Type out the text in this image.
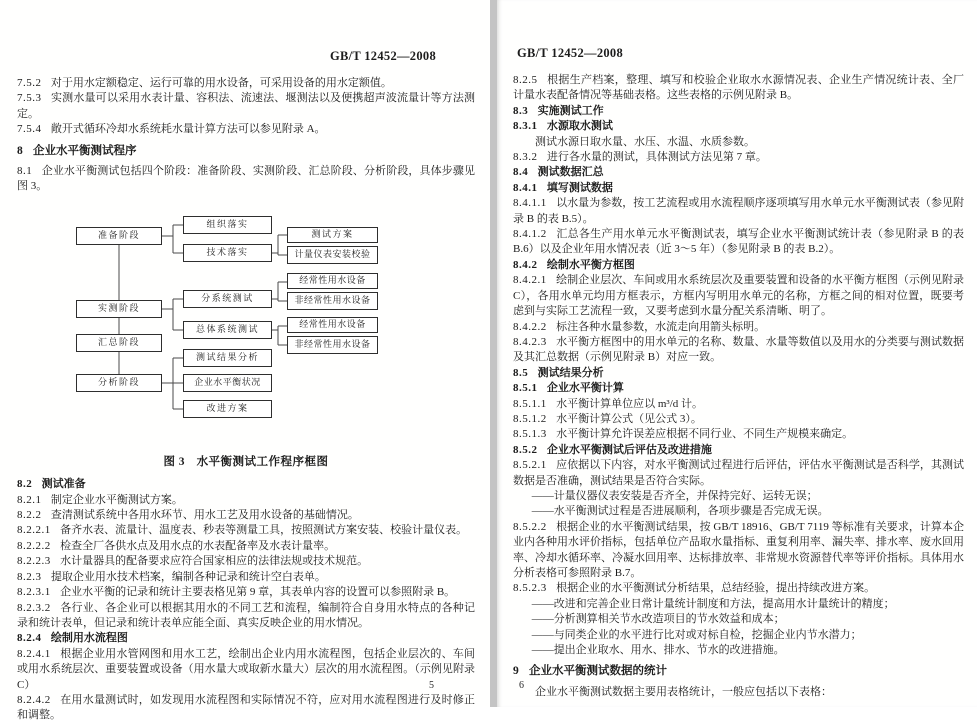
GB/T 12452—2008
7.5.2 对于用水定额稳定、运行可靠的用水设备，可采用设备的用水定额值。
7.5.3 实测水量可以采用水表计量、容积法、流速法、堰测法以及便携超声波流量计等方法测定。
7.5.4 敞开式循环冷却水系统耗水量计算方法可以参见附录 A。
8 企业水平衡测试程序
8.1 企业水平衡测试包括四个阶段：准备阶段、实测阶段、汇总阶段、分析阶段，具体步骤见图 3。
准备阶段
实测阶段
汇总阶段
分析阶段
组织落实
技术落实
分系统测试
总体系统测试
测试结果分析
企业水平衡状况
改进方案
测试方案
计量仪表安装校验
经常性用水设备
非经常性用水设备
经常性用水设备
非经常性用水设备
图 3 水平衡测试工作程序框图
8.2 测试准备
8.2.1 制定企业水平衡测试方案。
8.2.2 查清测试系统中各用水环节、用水工艺及用水设备的基础情况。
8.2.2.1 备齐水表、流量计、温度表、秒表等测量工具，按照测试方案安装、校验计量仪表。
8.2.2.2 检查全厂各供水点及用水点的水表配备率及水表计量率。
8.2.2.3 水计量器具的配备要求应符合国家相应的法律法规或技术规范。
8.2.3 提取企业用水技术档案，编制各种记录和统计空白表单。
8.2.3.1 企业水平衡的记录和统计主要表格见第 9 章，其表单内容的设置可以参照附录 B。
8.2.3.2 各行业、各企业可以根据其用水的不同工艺和流程，编制符合自身用水特点的各种记录和统计表单，但记录和统计表单应能全面、真实反映企业的用水情况。
8.2.4 绘制用水流程图
8.2.4.1 根据企业用水管网图和用水工艺，绘制出企业内用水流程图，包括企业层次的、车间或用水系统层次、重要装置或设备（用水量大或取新水量大）层次的用水流程图。（示例见附录 C）
8.2.4.2 在用水量测试时，如发现用水流程图和实际情况不符，应对用水流程图进行及时修正和调整。
5
GB/T 12452—2008
8.2.5 根据生产档案，整理、填写和校验企业取水水源情况表、企业生产情况统计表、全厂计量水表配备情况等基础表格。这些表格的示例见附录 B。
8.3 实施测试工作
8.3.1 水源取水测试
测试水源日取水量、水压、水温、水质参数。
8.3.2 进行各水量的测试，具体测试方法见第 7 章。
8.4 测试数据汇总
8.4.1 填写测试数据
8.4.1.1 以水量为参数，按工艺流程或用水流程顺序逐项填写用水单元水平衡测试表（参见附录 B 的表 B.5）。
8.4.1.2 汇总各生产用水单元水平衡测试表，填写企业水平衡测试统计表（参见附录 B 的表 B.6）以及企业年用水情况表（近 3～5 年）（参见附录 B 的表 B.2）。
8.4.2 绘制水平衡方框图
8.4.2.1 绘制企业层次、车间或用水系统层次及重要装置和设备的水平衡方框图（示例见附录 C），各用水单元均用方框表示，方框内写明用水单元的名称，方框之间的相对位置，既要考虑到与实际工艺流程一致，又要考虑到水量分配关系清晰、明了。
8.4.2.2 标注各种水量参数，水流走向用箭头标明。
8.4.2.3 水平衡方框图中的用水单元的名称、数量、水量等数值以及用水的分类要与测试数据及其汇总数据（示例见附录 B）对应一致。
8.5 测试结果分析
8.5.1 企业水平衡计算
8.5.1.1 水平衡计算单位应以 m³/d 计。
8.5.1.2 水平衡计算公式（见公式 3）。
8.5.1.3 水平衡计算允许误差应根据不同行业、不同生产规模来确定。
8.5.2 企业水平衡测试后评估及改进措施
8.5.2.1 应依据以下内容，对水平衡测试过程进行后评估，评估水平衡测试是否科学，其测试数据是否准确，测试结果是否符合实际。
——计量仪器仪表安装是否齐全，并保持完好、运转无误；
——水平衡测试过程是否进展顺利，各项步骤是否完成无误。
8.5.2.2 根据企业的水平衡测试结果，按 GB/T 18916、GB/T 7119 等标准有关要求，计算本企业内各种用水评价指标，包括单位产品取水量指标、重复利用率、漏失率、排水率、废水回用率、冷却水循环率、冷凝水回用率、达标排放率、非常规水资源替代率等评价指标。具体用水分析表格可参照附录 B.7。
8.5.2.3 根据企业的水平衡测试分析结果，总结经验，提出持续改进方案。
——改进和完善企业日常计量统计制度和方法，提高用水计量统计的精度；
——分析测算相关节水改造项目的节水效益和成本；
——与同类企业的水平进行比对或对标自检，挖掘企业内节水潜力；
——提出企业取水、用水、排水、节水的改进措施。
9 企业水平衡测试数据的统计
企业水平衡测试数据主要用表格统计，一般应包括以下表格：
6
